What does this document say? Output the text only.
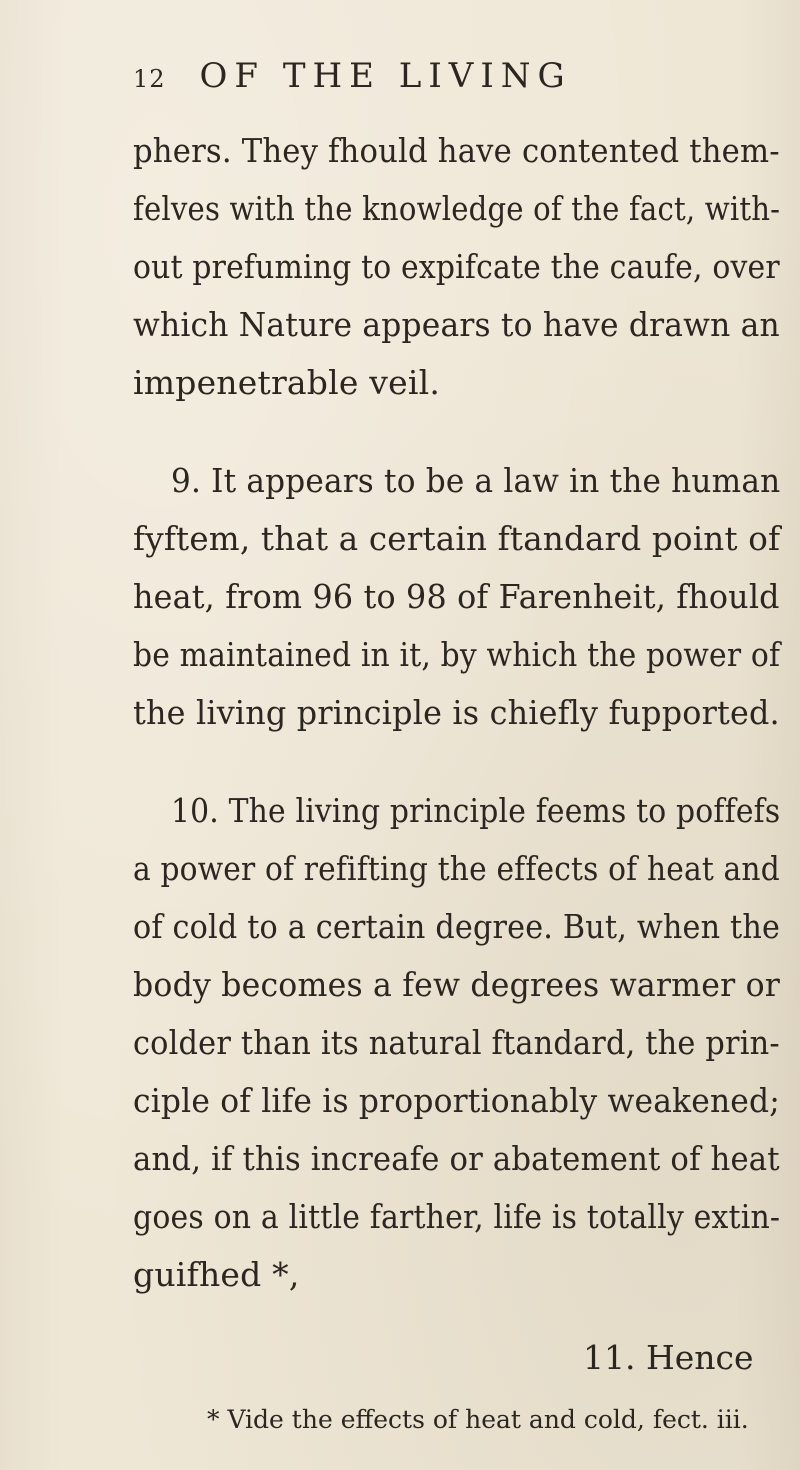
12 OF THE LIVING
phers. They fhould have contented them-
felves with the knowledge of the fact, with-
out prefuming to expifcate the caufe, over
which Nature appears to have drawn an
impenetrable veil.
9. It appears to be a law in the human
fyftem, that a certain ftandard point of
heat, from 96 to 98 of Farenheit, fhould
be maintained in it, by which the power of
the living principle is chiefly fupported.
10. The living principle feems to poffefs
a power of refifting the effects of heat and
of cold to a certain degree. But, when the
body becomes a few degrees warmer or
colder than its natural ftandard, the prin-
ciple of life is proportionably weakened;
and, if this increafe or abatement of heat
goes on a little farther, life is totally extin-
guifhed *,
11. Hence
* Vide the effects of heat and cold, fect. iii.
